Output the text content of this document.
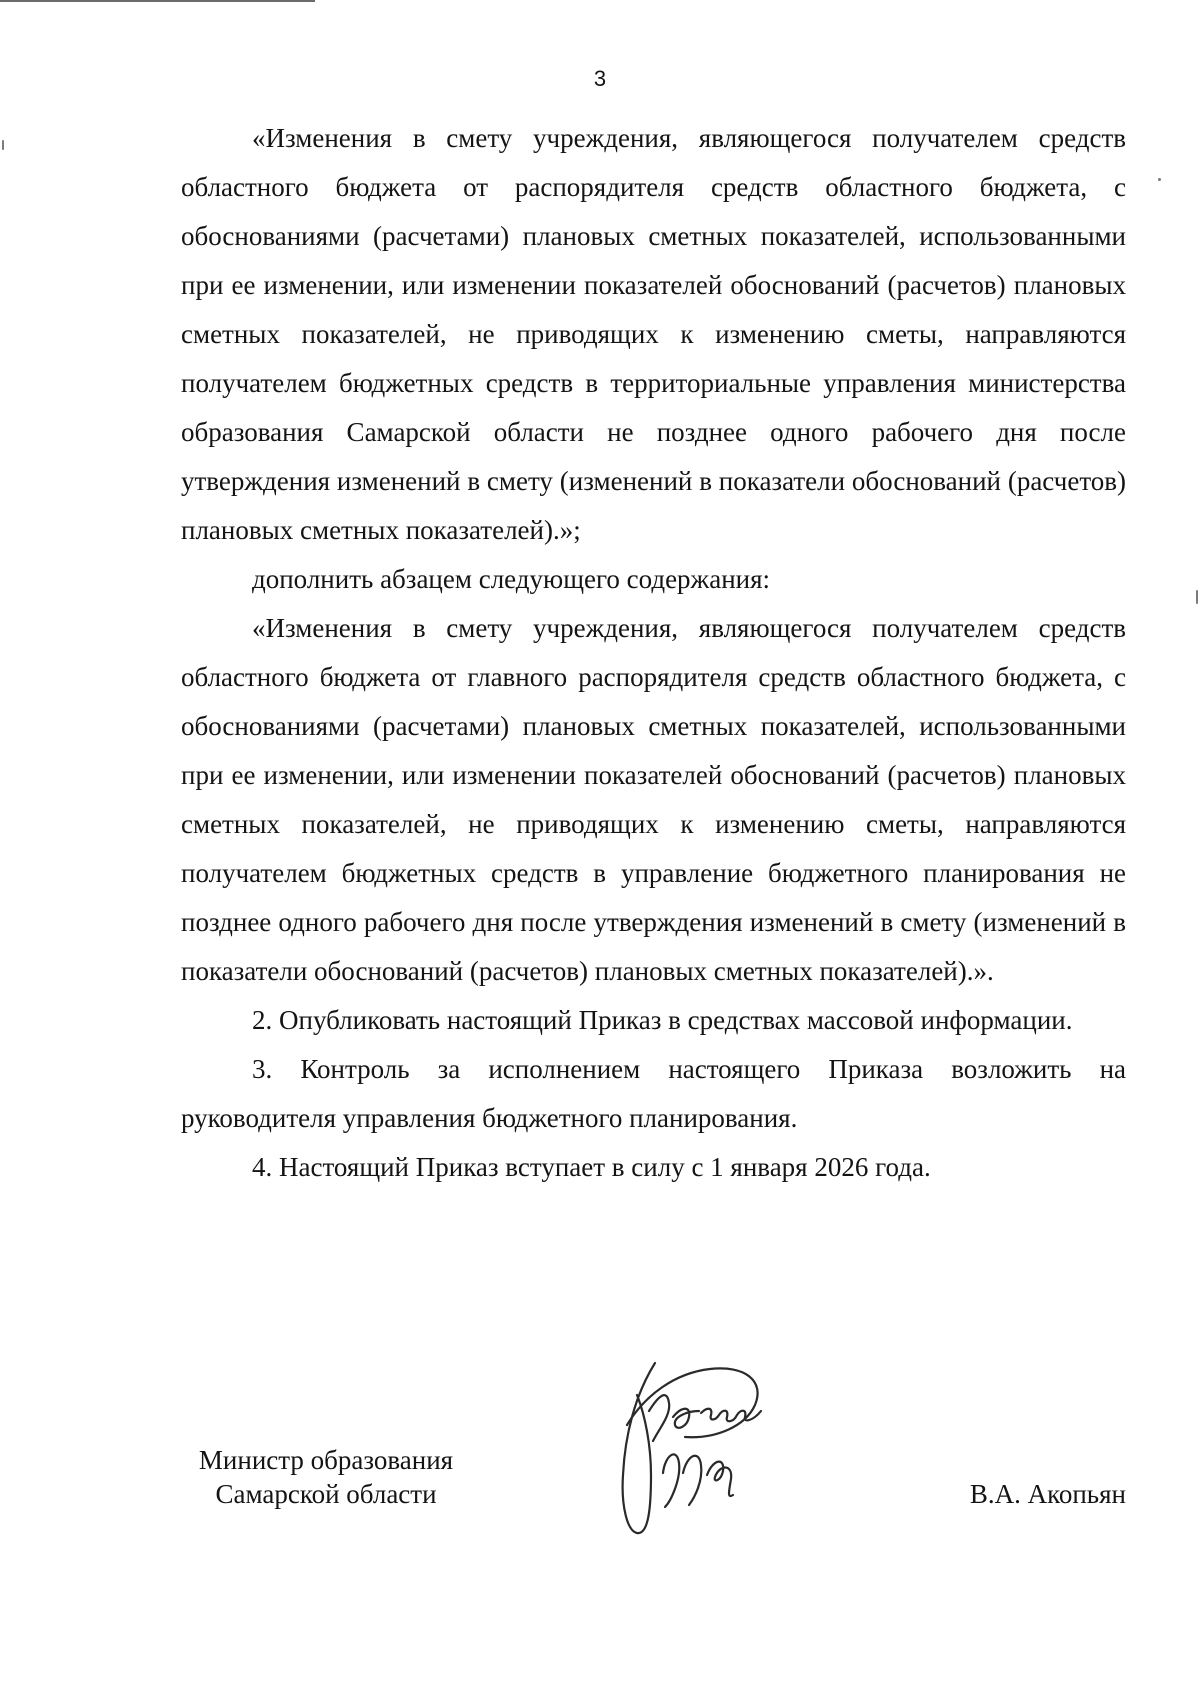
3

«Изменения в смету учреждения, являющегося получателем средств областного бюджета от распорядителя средств областного бюджета, с обоснованиями (расчетами) плановых сметных показателей, использованными при ее изменении, или изменении показателей обоснований (расчетов) плановых сметных показателей, не приводящих к изменению сметы, направляются получателем бюджетных средств в территориальные управления министерства образования Самарской области не позднее одного рабочего дня после утверждения изменений в смету (изменений в показатели обоснований (расчетов) плановых сметных показателей).»;

дополнить абзацем следующего содержания:

«Изменения в смету учреждения, являющегося получателем средств областного бюджета от главного распорядителя средств областного бюджета, с обоснованиями (расчетами) плановых сметных показателей, использованными при ее изменении, или изменении показателей обоснований (расчетов) плановых сметных показателей, не приводящих к изменению сметы, направляются получателем бюджетных средств в управление бюджетного планирования не позднее одного рабочего дня после утверждения изменений в смету (изменений в показатели обоснований (расчетов) плановых сметных показателей).».

2. Опубликовать настоящий Приказ в средствах массовой информации.

3. Контроль за исполнением настоящего Приказа возложить на руководителя управления бюджетного планирования.

4. Настоящий Приказ вступает в силу с 1 января 2026 года.

Министр образования
Самарской области	В.А. Акопьян
